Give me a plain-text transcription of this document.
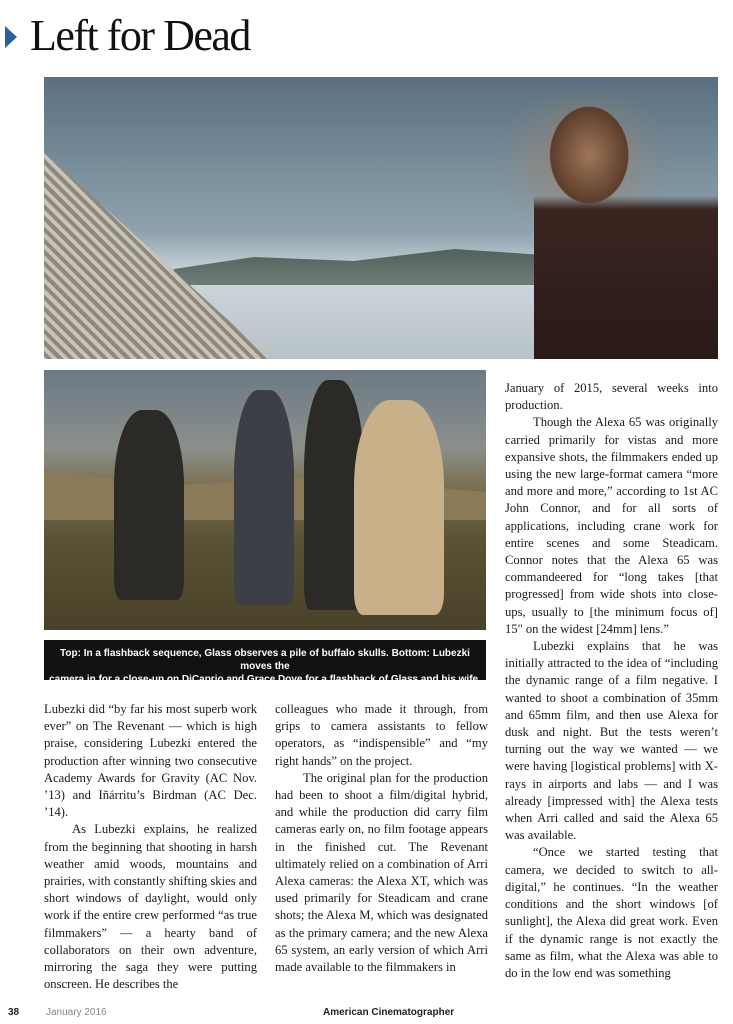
Left for Dead
Top: In a flashback sequence, Glass observes a pile of buffalo skulls. Bottom: Lubezki moves the
camera in for a close-up on DiCaprio and Grace Dove for a flashback of Glass and his wife.

Lubezki did “by far his most superb work ever” on The Revenant — which is high praise, considering Lubezki entered the production after winning two consecutive Academy Awards for Gravity (AC Nov. ’13) and Iñárritu’s Birdman (AC Dec. ’14).

As Lubezki explains, he realized from the beginning that shooting in harsh weather amid woods, mountains and prairies, with constantly shifting skies and short windows of daylight, would only work if the entire crew performed “as true filmmakers” — a hearty band of collaborators on their own adventure, mirroring the saga they were putting onscreen. He describes the

colleagues who made it through, from grips to camera assistants to fellow operators, as “indispensible” and “my right hands” on the project.

The original plan for the production had been to shoot a film/digital hybrid, and while the production did carry film cameras early on, no film footage appears in the finished cut. The Revenant ultimately relied on a combination of Arri Alexa cameras: the Alexa XT, which was used primarily for Steadicam and crane shots; the Alexa M, which was designated as the primary camera; and the new Alexa 65 system, an early version of which Arri made available to the filmmakers in

January of 2015, several weeks into production.

Though the Alexa 65 was originally carried primarily for vistas and more expansive shots, the filmmakers ended up using the new large-format camera “more and more and more,” according to 1st AC John Connor, and for all sorts of applications, including crane work for entire scenes and some Steadicam. Connor notes that the Alexa 65 was commandeered for “long takes [that progressed] from wide shots into close-ups, usually to [the minimum focus of] 15" on the widest [24mm] lens.”

Lubezki explains that he was initially attracted to the idea of “including the dynamic range of a film negative. I wanted to shoot a combination of 35mm and 65mm film, and then use Alexa for dusk and night. But the tests weren’t turning out the way we wanted — we were having [logistical problems] with X-rays in airports and labs — and I was already [impressed with] the Alexa tests when Arri called and said the Alexa 65 was available.

“Once we started testing that camera, we decided to switch to all-digital,” he continues. “In the weather conditions and the short windows [of sunlight], the Alexa did great work. Even if the dynamic range is not exactly the same as film, what the Alexa was able to do in the low end was something

38	January 2016	American Cinematographer
